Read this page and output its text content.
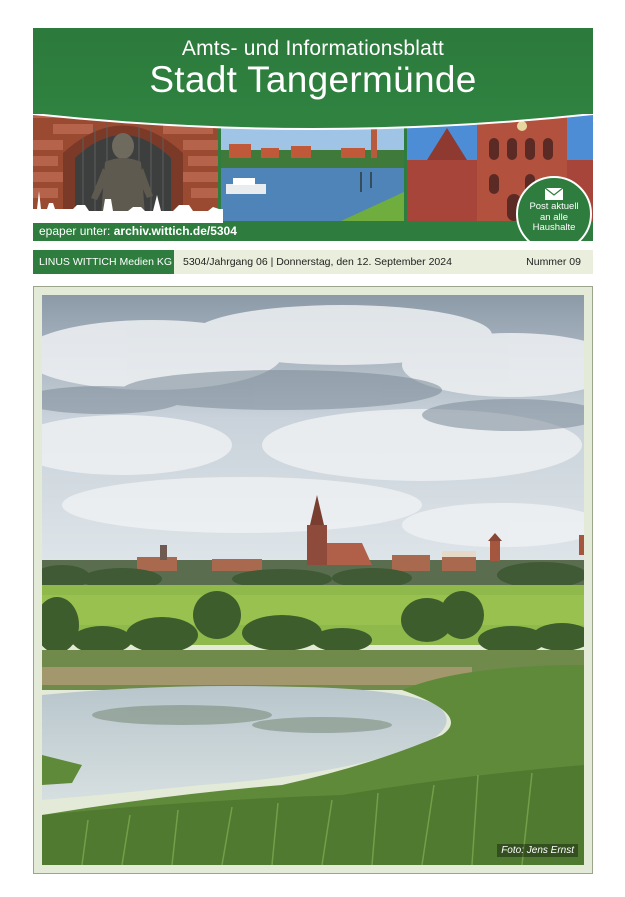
Amts- und Informationsblatt
Stadt Tangermünde
epaper unter: archiv.wittich.de/5304
Post aktuell
an alle
Haushalte
LINUS WITTICH Medien KG 5304/Jahrgang 06 | Donnerstag, den 12. September 2024	Nummer 09
Foto: Jens Ernst
